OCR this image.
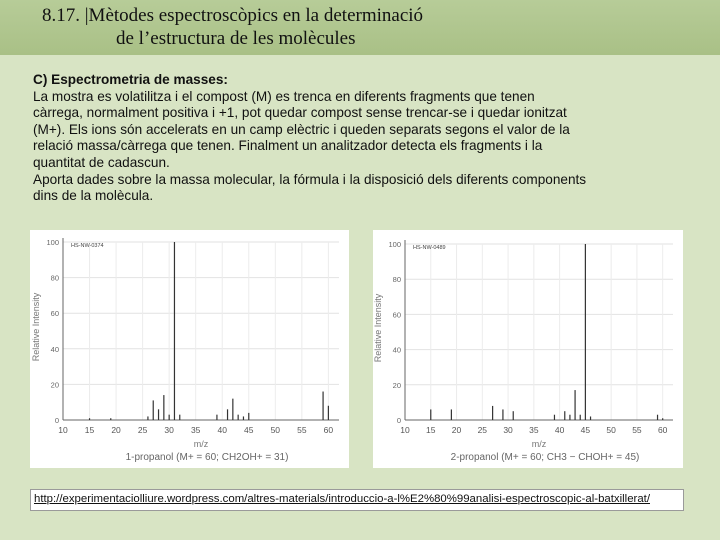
8.17. |Mètodes espectroscòpics en la determinació
de l’estructura de les molècules

C) Espectrometria de masses:

La mostra es volatilitza i el compost (M) es trenca en diferents fragments que tenen

càrrega, normalment positiva i +1, pot quedar compost sense trencar-se i quedar ionitzat

(M+). Els ions són accelerats en un camp elèctric i queden separats segons el valor de la

relació massa/càrrega que tenen. Finalment un analitzador detecta els fragments i la

quantitat de cadascun.

Aporta dades sobre la massa molecular, la fórmula i la disposició dels diferents components

dins de la molècula.

0
20
40
60
80
100
10 15 20 25 30 35 40 45 50 55 60
HS-NW-0374
Relative Intensity
m/z
1-propanol (M+ = 60; CH2OH+ = 31)
0
20
40
60
80
100
10 15 20 25 30 35 40 45 50 55 60
HS-NW-0489
Relative Intensity
m/z
2-propanol (M+ = 60; CH3 − CHOH+ = 45)
http://experimentaciolliure.wordpress.com/altres-materials/introduccio-a-l%E2%80%99analisi-espectroscopic-al-batxillerat/
